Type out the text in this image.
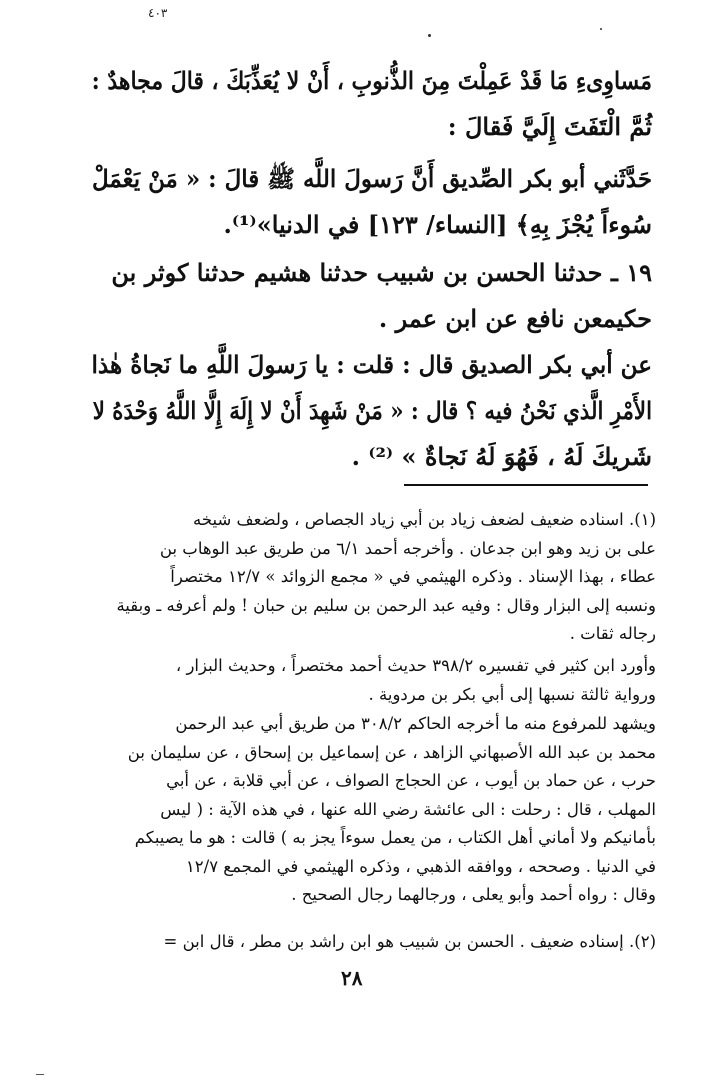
٤٠٣
مَساوِىءِ مَا قَدْ عَمِلْتَ مِنَ الذُّنوبِ ، أَنْ لا يُعَذِّبَكَ ، قالَ مجاهدٌ :
ثُمَّ الْتَفَتَ إِلَيَّ فَقالَ :
حَدَّثَني أبو بكر الصِّديق أَنَّ رَسولَ اللَّه ﷺ قالَ : « مَنْ يَعْمَلْ
سُوءاً يُجْزَ بِهِ﴾ [النساء/ ١٢٣] في الدنيا»⁽¹⁾.
١٩ ـ حدثنا الحسن بن شبيب حدثنا هشيم حدثنا كوثر بن
حكيمعن نافع عن ابن عمر .
عن أبي بكر الصديق قال : قلت : يا رَسولَ اللَّهِ ما نَجاةُ هٰذا
الأَمْرِ الَّذي نَحْنُ فيه ؟ قال : « مَنْ شَهِدَ أَنْ لا إِلَهَ إِلَّا اللَّهُ وَحْدَهُ لا
شَريكَ لَهُ ، فَهُوَ لَهُ نَجاةٌ » ⁽²⁾ .
(١). اسناده ضعيف لضعف زياد بن أبي زياد الجصاص ، ولضعف شيخه
على بن زيد وهو ابن جدعان . وأخرجه أحمد ٦/١ من طريق عبد الوهاب بن
عطاء ، بهذا الإسناد . وذكره الهيثمي في « مجمع الزوائد » ١٢/٧ مختصراً
ونسبه إلى البزار وقال : وفيه عبد الرحمن بن سليم بن حبان ! ولم أعرفه ـ وبقية
رجاله ثقات .
وأورد ابن كثير في تفسيره ٣٩٨/٢ حديث أحمد مختصراً ، وحديث البزار ،
ورواية ثالثة نسبها إلى أبي بكر بن مردوية .
ويشهد للمرفوع منه ما أخرجه الحاكم ٣٠٨/٢ من طريق أبي عبد الرحمن
محمد بن عبد الله الأصبهاني الزاهد ، عن إسماعيل بن إسحاق ، عن سليمان بن
حرب ، عن حماد بن أيوب ، عن الحجاج الصواف ، عن أبي قلابة ، عن أبي
المهلب ، قال : رحلت : الى عائشة رضي الله عنها ، في هذه الآية : ( ليس
بأمانيكم ولا أماني أهل الكتاب ، من يعمل سوءاً يجز به ) قالت : هو ما يصيبكم
في الدنيا . وصححه ، ووافقه الذهبي ، وذكره الهيثمي في المجمع ١٢/٧
وقال : رواه أحمد وأبو يعلى ، ورجالهما رجال الصحيح .
(٢). إسناده ضعيف . الحسن بن شبيب هو ابن راشد بن مطر ، قال ابن =
٢٨
